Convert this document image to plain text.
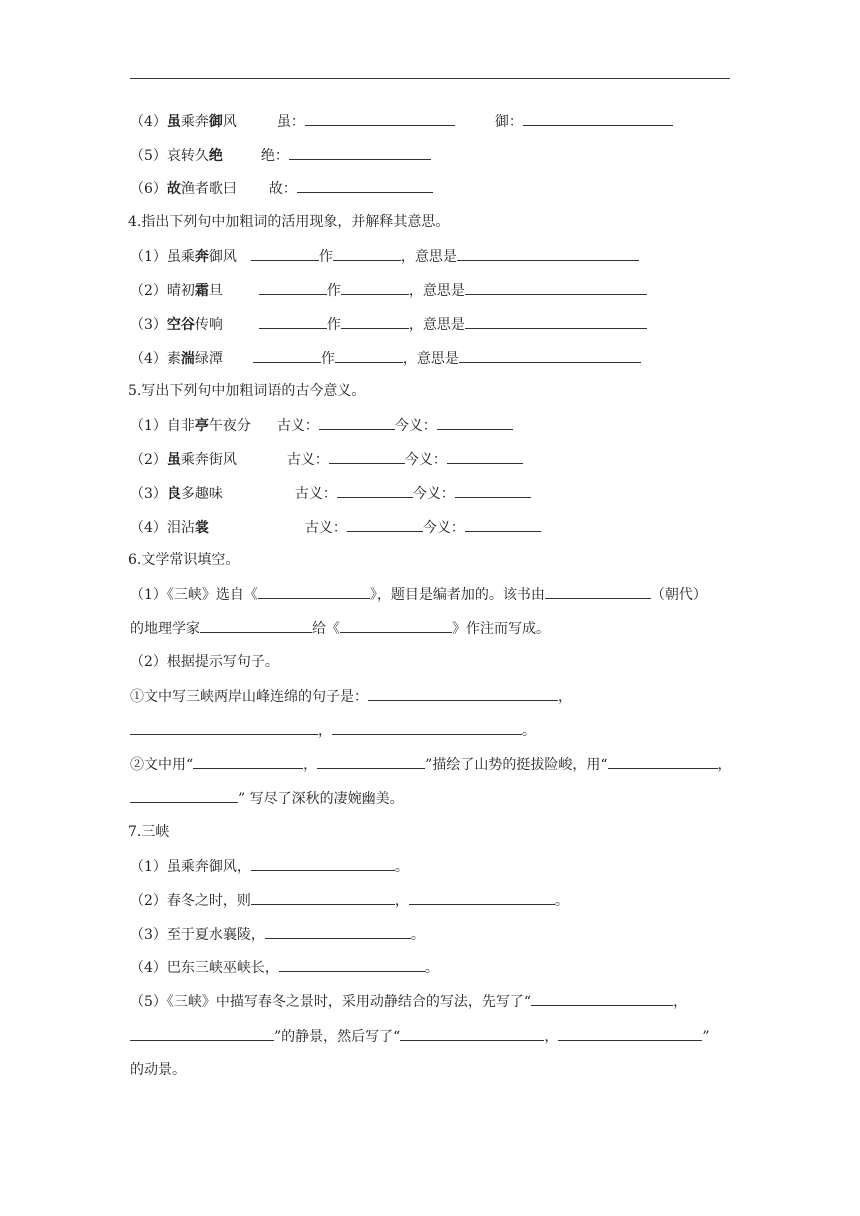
（4）虽乘奔御风	虽：	御：
（5）哀转久绝	绝：
（6）故渔者歌曰 故：
4.指出下列句中加粗词的活用现象，并解释其意思。
（1）虽乘奔御风	作	，意思是
（2）晴初霜旦	作	，意思是
（3）空谷传响	作	，意思是
（4）素湍绿潭	作	，意思是
5.写出下列句中加粗词语的古今意义。
（1）自非亭午夜分 古义：	今义：
（2）虽乘奔街风	古义：	今义：
（3）良多趣味	古义：	今义：
（4）泪沾裳	古义：	今义：
6.文学常识填空。
（1）《三峡》选自《	》，题目是编者加的。该书由	（朝代）
的地理学家	给《	》作注而写成。
（2）根据提示写句子。
①文中写三峡两岸山峰连绵的句子是：	，
，	。
②文中用“	，	”描绘了山势的挺拔险峻，用“	，
” 写尽了深秋的凄婉幽美。
7.三峡
（1）虽乘奔御风，	。
（2）春冬之时，则	，	。
（3）至于夏水襄陵，	。
（4）巴东三峡巫峡长，	。
（5）《三峡》中描写春冬之景时，采用动静结合的写法，先写了“	，
”的静景，然后写了“	，	”
的动景。
